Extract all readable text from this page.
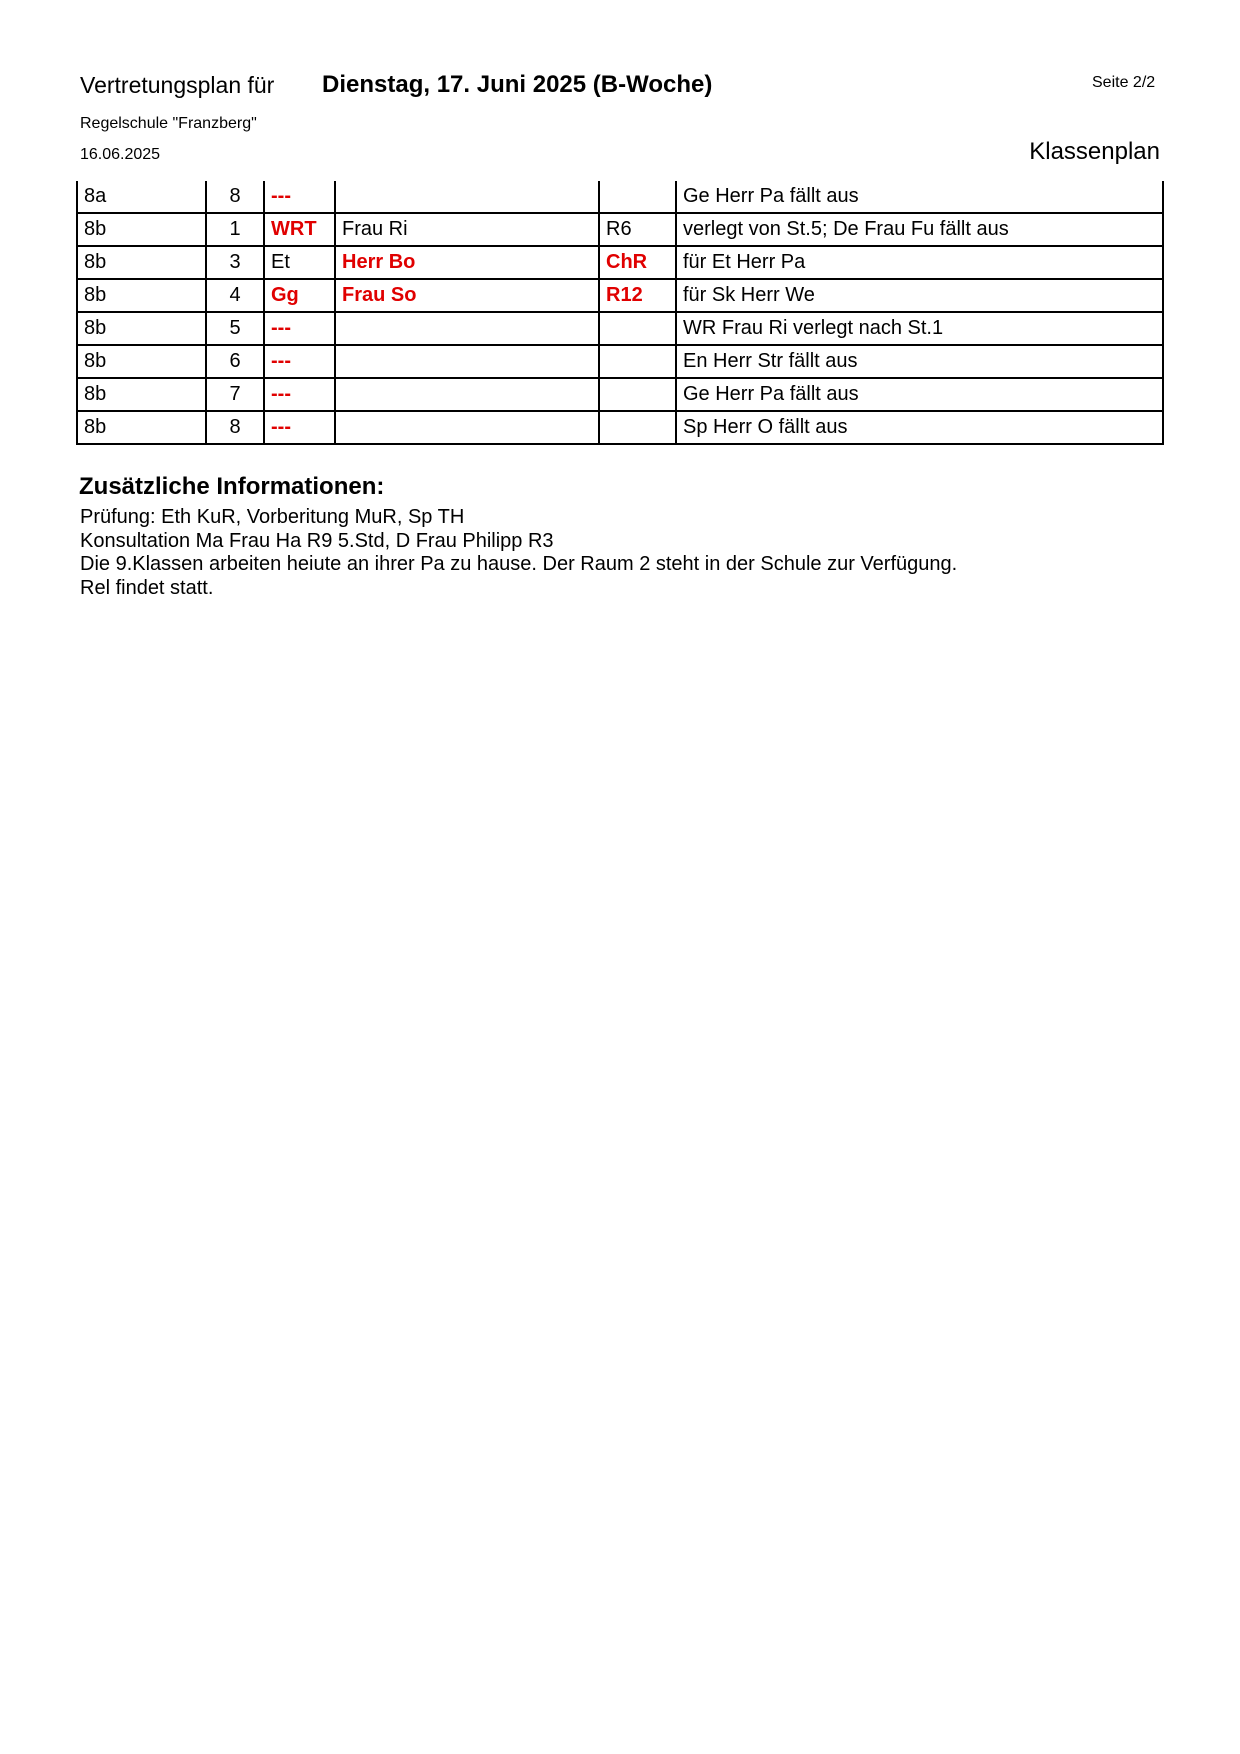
Vertretungsplan für Dienstag, 17. Juni 2025 (B-Woche)	Seite 2/2
Regelschule "Franzberg"
16.06.2025	Klassenplan
8a	8	---			Ge Herr Pa fällt aus
8b	1	WRT	Frau Ri	R6	verlegt von St.5; De Frau Fu fällt aus
8b	3	Et	Herr Bo	ChR	für Et Herr Pa
8b	4	Gg	Frau So	R12	für Sk Herr We
8b	5	---			WR Frau Ri verlegt nach St.1
8b	6	---			En Herr Str fällt aus
8b	7	---			Ge Herr Pa fällt aus
8b	8	---			Sp Herr O fällt aus
Zusätzliche Informationen:
Prüfung: Eth KuR, Vorberitung MuR, Sp TH
Konsultation Ma Frau Ha R9 5.Std, D Frau Philipp R3
Die 9.Klassen arbeiten heiute an ihrer Pa zu hause. Der Raum 2 steht in der Schule zur Verfügung.
Rel findet statt.
